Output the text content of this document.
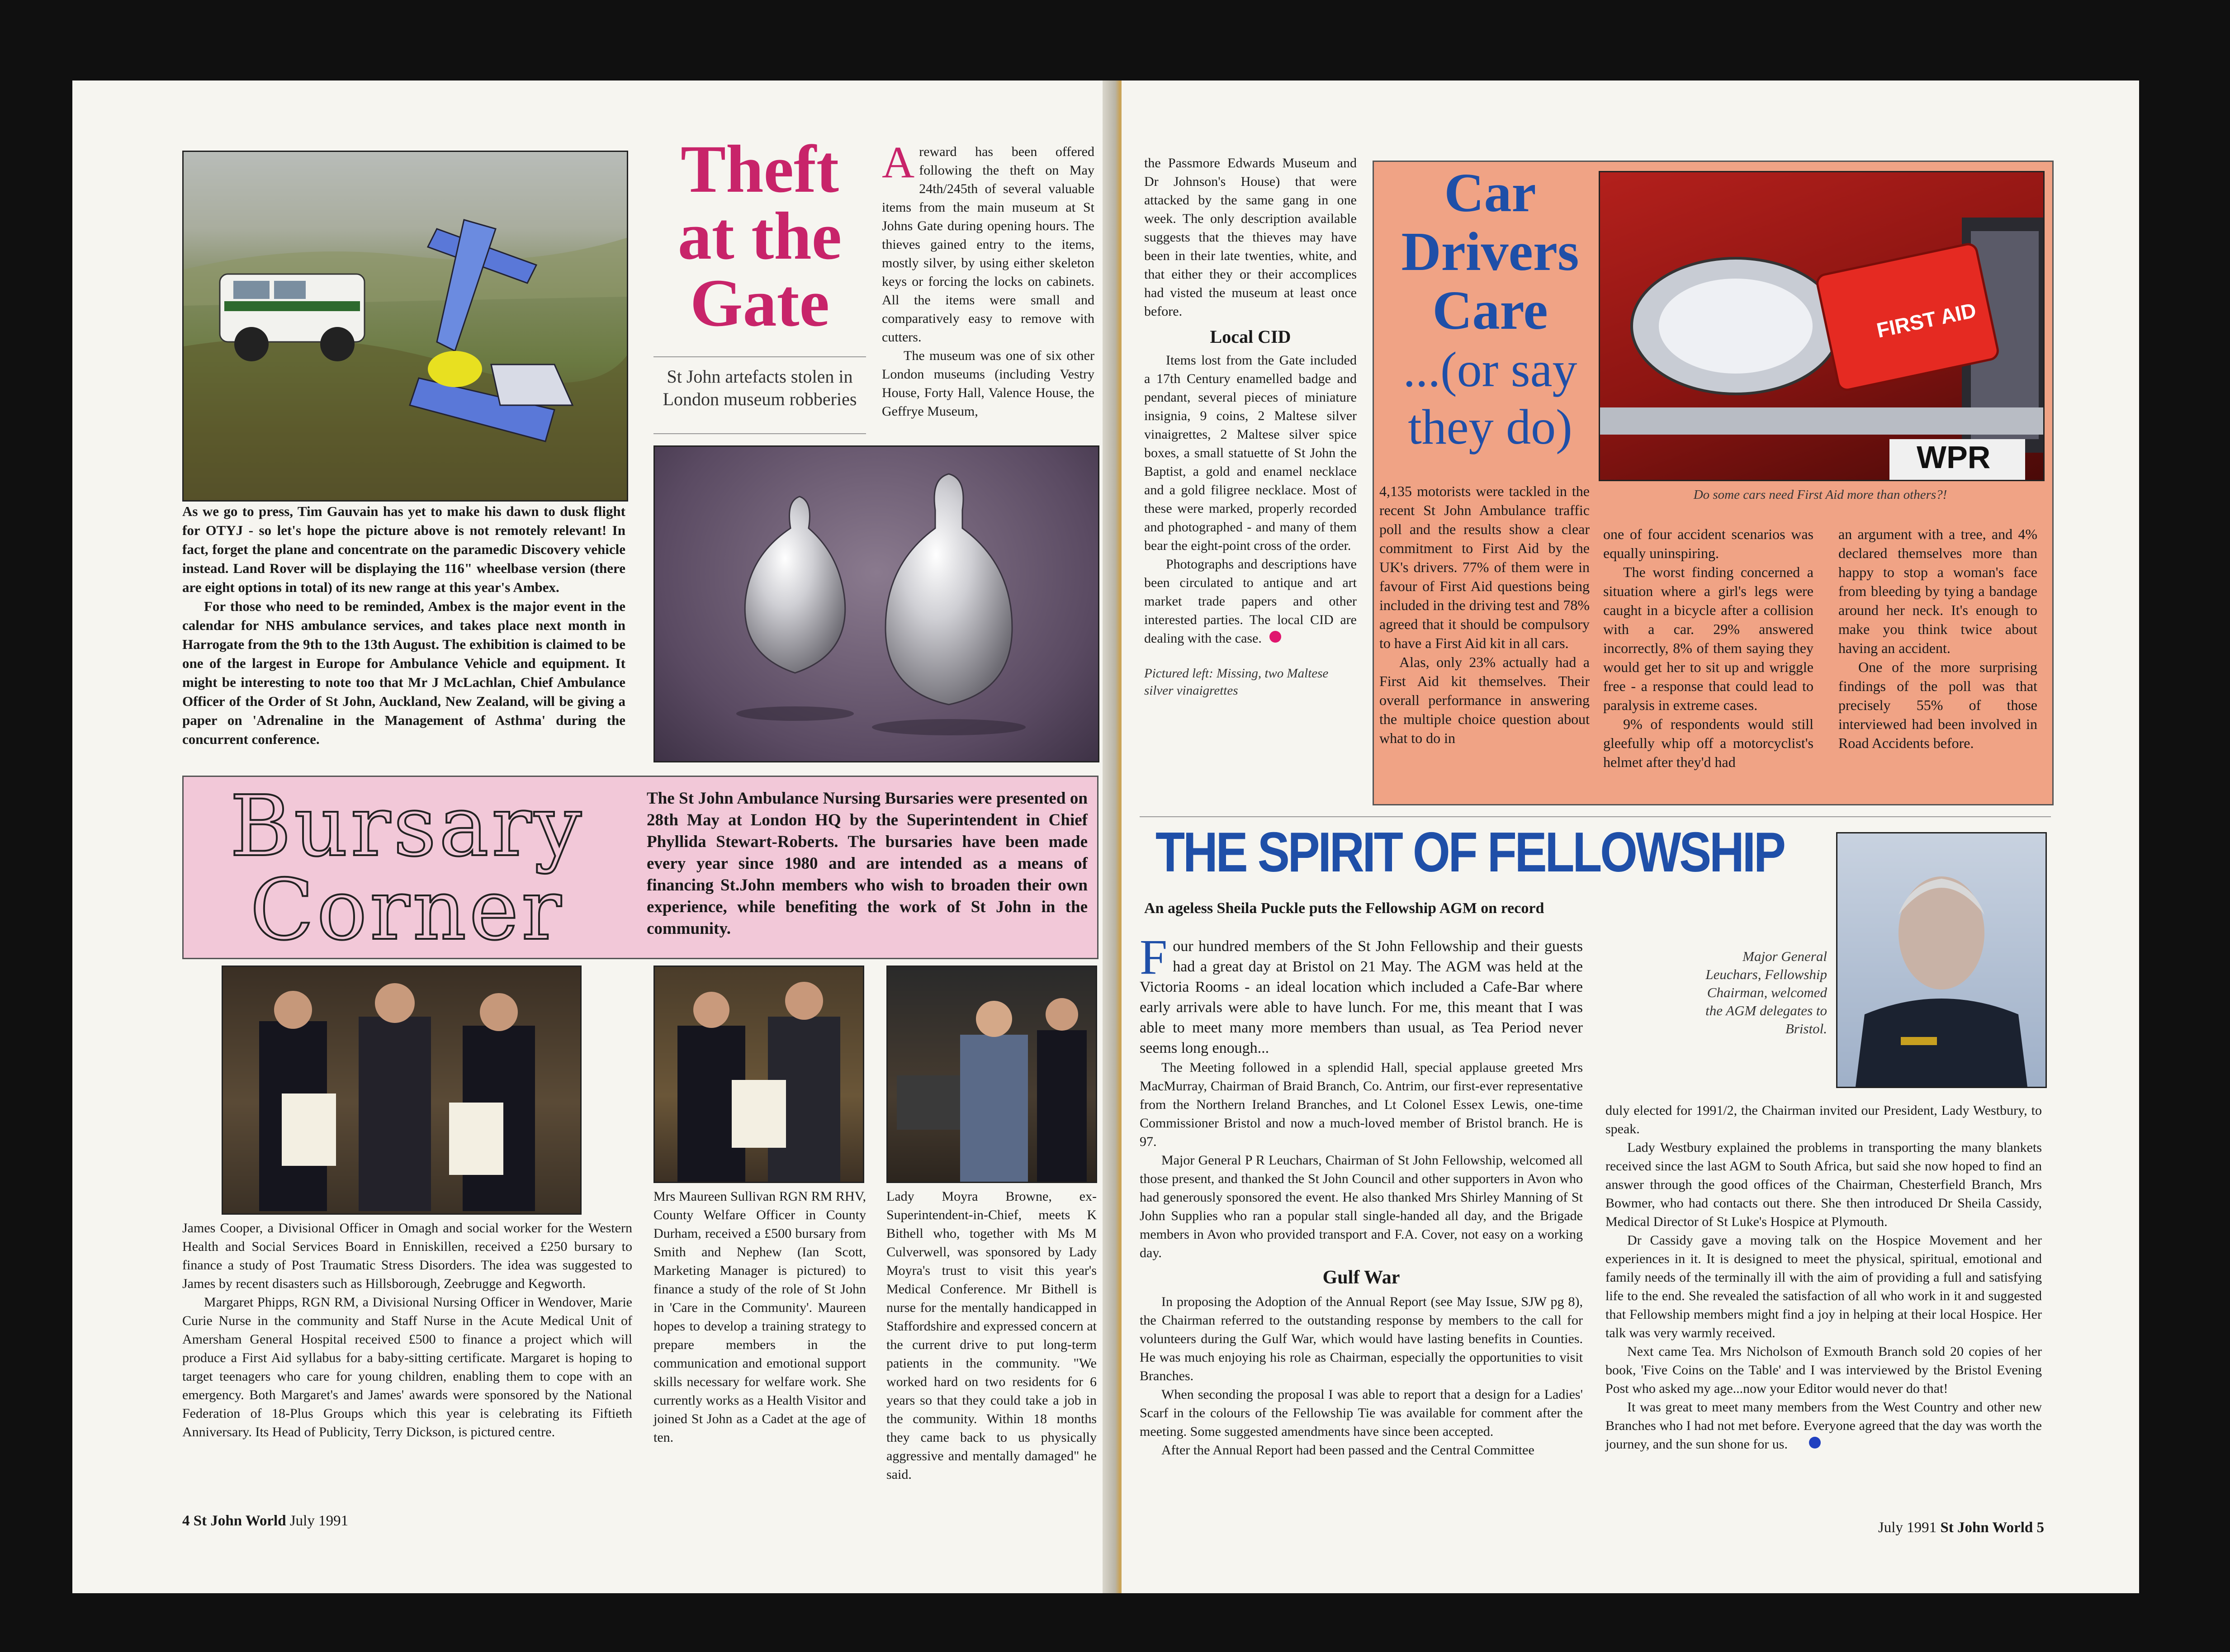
As we go to press, Tim Gauvain has yet to make his dawn to dusk flight for OTYJ - so let's hope the picture above is not remotely relevant! In fact, forget the plane and concentrate on the paramedic Discovery vehicle instead. Land Rover will be displaying the 116" wheelbase version (there are eight options in total) of its new range at this year's Ambex.

For those who need to be reminded, Ambex is the major event in the calendar for NHS ambulance services, and takes place next month in Harrogate from the 9th to the 13th August. The exhibition is claimed to be one of the largest in Europe for Ambulance Vehicle and equipment. It might be interesting to note too that Mr J McLachlan, Chief Ambulance Officer of the Order of St John, Auckland, New Zealand, will be giving a paper on 'Adrenaline in the Management of Asthma' during the concurrent conference.

Theft
at the
Gate
St John artefacts stolen in London museum robberies

A reward has been offered following the theft on May 24th/245th of several valuable items from the main museum at St Johns Gate during opening hours. The thieves gained entry to the items, mostly silver, by using either skeleton keys or forcing the locks on cabinets. All the items were small and comparatively easy to remove with cutters.

The museum was one of six other London museums (including Vestry House, Forty Hall, Valence House, the Geffrye Museum,

Bursary
Corner
The St John Ambulance Nursing Bursaries were presented on 28th May at London HQ by the Superintendent in Chief Phyllida Stewart-Roberts. The bursaries have been made every year since 1980 and are intended as a means of financing St.John members who wish to broaden their own experience, while benefiting the work of St John in the community.

James Cooper, a Divisional Officer in Omagh and social worker for the Western Health and Social Services Board in Enniskillen, received a £250 bursary to finance a study of Post Traumatic Stress Disorders. The idea was suggested to James by recent disasters such as Hillsborough, Zeebrugge and Kegworth.

Margaret Phipps, RGN RM, a Divisional Nursing Officer in Wendover, Marie Curie Nurse in the community and Staff Nurse in the Acute Medical Unit of Amersham General Hospital received £500 to finance a project which will produce a First Aid syllabus for a baby-sitting certificate. Margaret is hoping to target teenagers who care for young children, enabling them to cope with an emergency. Both Margaret's and James' awards were sponsored by the National Federation of 18-Plus Groups which this year is celebrating its Fiftieth Anniversary. Its Head of Publicity, Terry Dickson, is pictured centre.

Mrs Maureen Sullivan RGN RM RHV, County Welfare Officer in County Durham, received a £500 bursary from Smith and Nephew (Ian Scott, Marketing Manager is pictured) to finance a study of the role of St John in 'Care in the Community'. Maureen hopes to develop a training strategy to prepare members in the communication and emotional support skills necessary for welfare work. She currently works as a Health Visitor and joined St John as a Cadet at the age of ten.

Lady Moyra Browne, ex-Superintendent-in-Chief, meets K Bithell who, together with Ms M Culverwell, was sponsored by Lady Moyra's trust to visit this year's Medical Conference. Mr Bithell is nurse for the mentally handicapped in Staffordshire and expressed concern at the current drive to put long-term patients in the community. "We worked hard on two residents for 6 years so that they could take a job in the community. Within 18 months they came back to us physically aggressive and mentally damaged" he said.

4 St John World July 1991

the Passmore Edwards Museum and Dr Johnson's House) that were attacked by the same gang in one week. The only description available suggests that the thieves may have been in their late twenties, white, and that either they or their accomplices had visted the museum at least once before.

Local CID

Items lost from the Gate included a 17th Century enamelled badge and pendant, several pieces of miniature insignia, 9 coins, 2 Maltese silver vinaigrettes, 2 Maltese silver spice boxes, a small statuette of St John the Baptist, a gold and enamel necklace and a gold filigree necklace. Most of these were marked, properly recorded and photographed - and many of them bear the eight-point cross of the order.

Photographs and descriptions have been circulated to antique and art market trade papers and other interested parties. The local CID are dealing with the case.

Pictured left: Missing, two Maltese silver vinaigrettes

Car
Drivers
Care
...(or say
they do)
FIRST AID
WPR
Do some cars need First Aid more than others?!

4,135 motorists were tackled in the recent St John Ambulance traffic poll and the results show a clear commitment to First Aid by the UK's drivers. 77% of them were in favour of First Aid questions being included in the driving test and 78% agreed that it should be compulsory to have a First Aid kit in all cars.

Alas, only 23% actually had a First Aid kit themselves. Their overall performance in answering the multiple choice question about what to do in

one of four accident scenarios was equally uninspiring.

The worst finding concerned a situation where a girl's legs were caught in a bicycle after a collision with a car. 29% answered incorrectly, 8% of them saying they would get her to sit up and wriggle free - a response that could lead to paralysis in extreme cases.

9% of respondents would still gleefully whip off a motorcyclist's helmet after they'd had

an argument with a tree, and 4% declared themselves more than happy to stop a woman's face from bleeding by tying a bandage around her neck. It's enough to make you think twice about having an accident.

One of the more surprising findings of the poll was that precisely 55% of those interviewed had been involved in Road Accidents before.

THE SPIRIT OF FELLOWSHIP
An ageless Sheila Puckle puts the Fellowship AGM on record

F our hundred members of the St John Fellowship and their guests had a great day at Bristol on 21 May. The AGM was held at the Victoria Rooms - an ideal location which included a Cafe-Bar where early arrivals were able to have lunch. For me, this meant that I was able to meet many more members than usual, as Tea Period never seems long enough...

The Meeting followed in a splendid Hall, special applause greeted Mrs MacMurray, Chairman of Braid Branch, Co. Antrim, our first-ever representative from the Northern Ireland Branches, and Lt Colonel Essex Lewis, one-time Commissioner Bristol and now a much-loved member of Bristol branch. He is 97.

Major General P R Leuchars, Chairman of St John Fellowship, welcomed all those present, and thanked the St John Council and other supporters in Avon who had generously sponsored the event. He also thanked Mrs Shirley Manning of St John Supplies who ran a popular stall single-handed all day, and the Brigade members in Avon who provided transport and F.A. Cover, not easy on a working day.

Gulf War

In proposing the Adoption of the Annual Report (see May Issue, SJW pg 8), the Chairman referred to the outstanding response by members to the call for volunteers during the Gulf War, which would have lasting benefits in Counties. He was much enjoying his role as Chairman, especially the opportunities to visit Branches.

When seconding the proposal I was able to report that a design for a Ladies' Scarf in the colours of the Fellowship Tie was available for comment after the meeting. Some suggested amendments have since been accepted.

After the Annual Report had been passed and the Central Committee

Major General Leuchars, Fellowship Chairman, welcomed the AGM delegates to Bristol.

duly elected for 1991/2, the Chairman invited our President, Lady Westbury, to speak.

Lady Westbury explained the problems in transporting the many blankets received since the last AGM to South Africa, but said she now hoped to find an answer through the good offices of the Chairman, Chesterfield Branch, Mrs Bowmer, who had contacts out there. She then introduced Dr Sheila Cassidy, Medical Director of St Luke's Hospice at Plymouth.

Dr Cassidy gave a moving talk on the Hospice Movement and her experiences in it. It is designed to meet the physical, spiritual, emotional and family needs of the terminally ill with the aim of providing a full and satisfying life to the end. She revealed the satisfaction of all who work in it and suggested that Fellowship members might find a joy in helping at their local Hospice. Her talk was very warmly received.

Next came Tea. Mrs Nicholson of Exmouth Branch sold 20 copies of her book, 'Five Coins on the Table' and I was interviewed by the Bristol Evening Post who asked my age...now your Editor would never do that!

It was great to meet many members from the West Country and other new Branches who I had not met before. Everyone agreed that the day was worth the journey, and the sun shone for us.

July 1991 St John World 5
